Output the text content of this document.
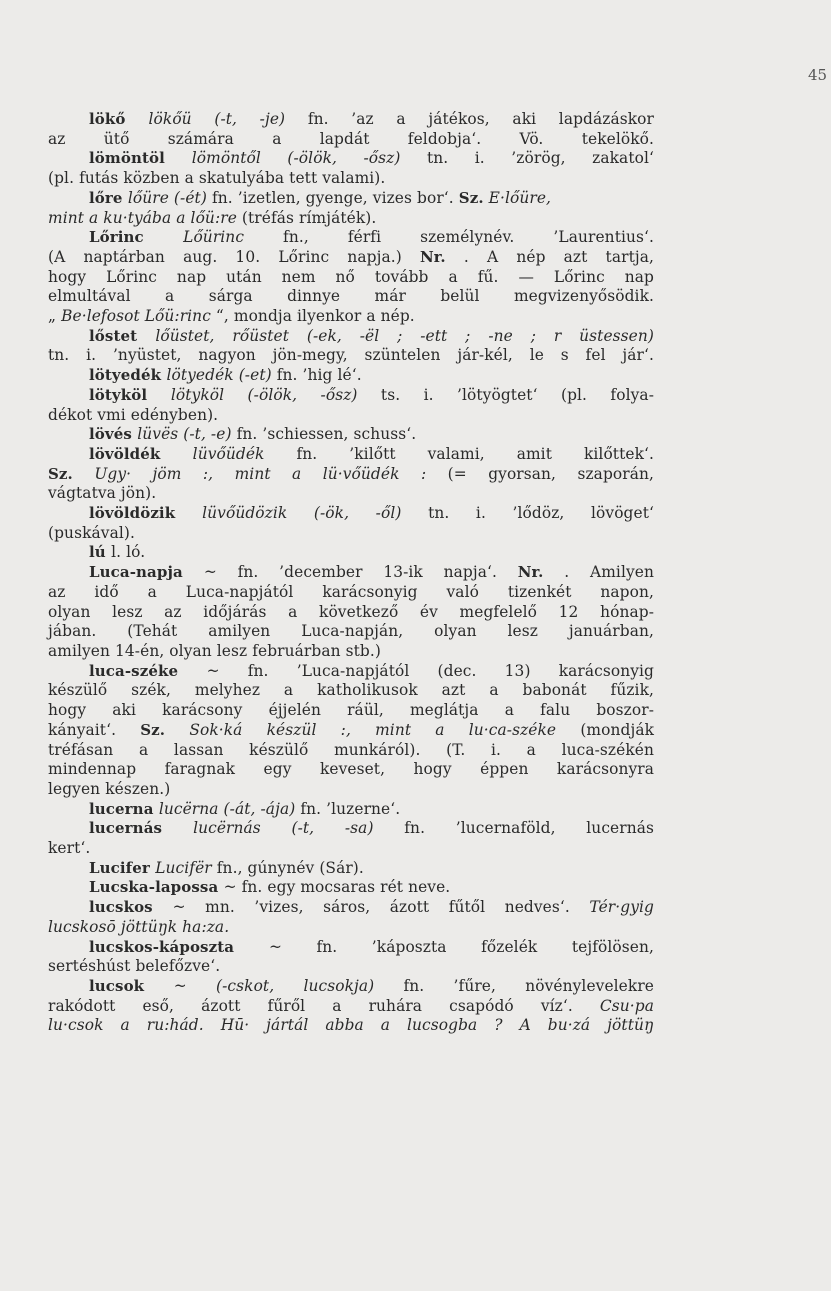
45
lökő lökőü (-t, -je) fn. ’az a játékos, aki lapdázáskor
az ütő számára a lapdát feldobja‘. Vö. tekelökő.
lömöntöl lömöntől (-ölök, -ősz) tn. i. ’zörög, zakatol‘
(pl. futás közben a skatulyába tett valami).
lőre lőüre (-ét) fn. ’izetlen, gyenge, vizes bor‘. Sz. E·lőüre,
mint a ku·tyába a lőü:re (tréfás rímjáték).
Lőrinc Lőürinc	fn., férfi személynév. ’Laurentius‘.
(A naptárban aug. 10. Lőrinc napja.) Nr. . A nép azt tartja,
hogy Lőrinc nap után nem nő tovább a fű. — Lőrinc nap
elmultával a sárga dinnye már belül megvizenyősödik.
„ Be·lefosot Lőü:rinc “, mondja ilyenkor a nép.
lőstet lőüstet, rőüstet (-ek, -ël ; -ett ; -ne ; r üstessen)
tn. i. ’nyüstet, nagyon jön-megy, szüntelen jár-kél, le s fel jár‘.
lötyedék lötyedék (-et) fn. ’hig lé‘.
lötyköl lötyköl (-ölök, -ősz) ts. i. ’lötyögtet‘ (pl. folya-
dékot vmi edényben).
lövés lüvës (-t, -e) fn. ’schiessen, schuss‘.
lövöldék lüvőüdék fn. ’kilőtt valami, amit kilőttek‘.
Sz. Ugy· jöm :, mint a lü·vőüdék : (= gyorsan, szaporán,
vágtatva jön).
lövöldözik lüvőüdözik (-ök, -ől) tn. i. ’lődöz, lövöget‘
(puskával).
lú l. ló.
Luca-napja ~ fn. ’december 13-ik napja‘. Nr. . Amilyen
az idő a Luca-napjától karácsonyig való tizenkét napon,
olyan lesz az időjárás a következő év megfelelő 12 hónap-
jában. (Tehát amilyen Luca-napján, olyan lesz januárban,
amilyen 14-én, olyan lesz februárban stb.)
luca-széke ~ fn. ’Luca-napjától (dec. 13) karácsonyig
készülő szék, melyhez a katholikusok azt a babonát fűzik,
hogy aki karácsony éjjelén ráül, meglátja a falu boszor-
kányait‘. Sz. Sok·ká készül :, mint a lu·ca-széke (mondják
tréfásan a lassan készülő munkáról). (T. i. a luca-székén
mindennap faragnak egy keveset, hogy éppen karácsonyra
legyen készen.)
lucerna lucërna (-át, -ája) fn. ’luzerne‘.
lucernás lucërnás (-t, -sa) fn. ’lucernaföld, lucernás
kert‘.
Lucifer Lucifër fn., gúnynév (Sár).
Lucska-lapossa ~ fn. egy mocsaras rét neve.
lucskos ~ mn. ’vizes, sáros, ázott fűtől nedves‘. Tér·gyig
lucskosō jöttüŋk ha:za.
lucskos-káposzta ~ fn. ’káposzta főzelék tejfölösen,
sertéshúst belefőzve‘.
lucsok ~ (-cskot, lucsokja) fn. ’fűre, növénylevelekre
rakódott eső, ázott fűről a ruhára csapódó víz‘. Csu·pa
lu·csok a ru:hád. Hū· jártál abba a lucsogba ? A bu·zá jöttüŋ
